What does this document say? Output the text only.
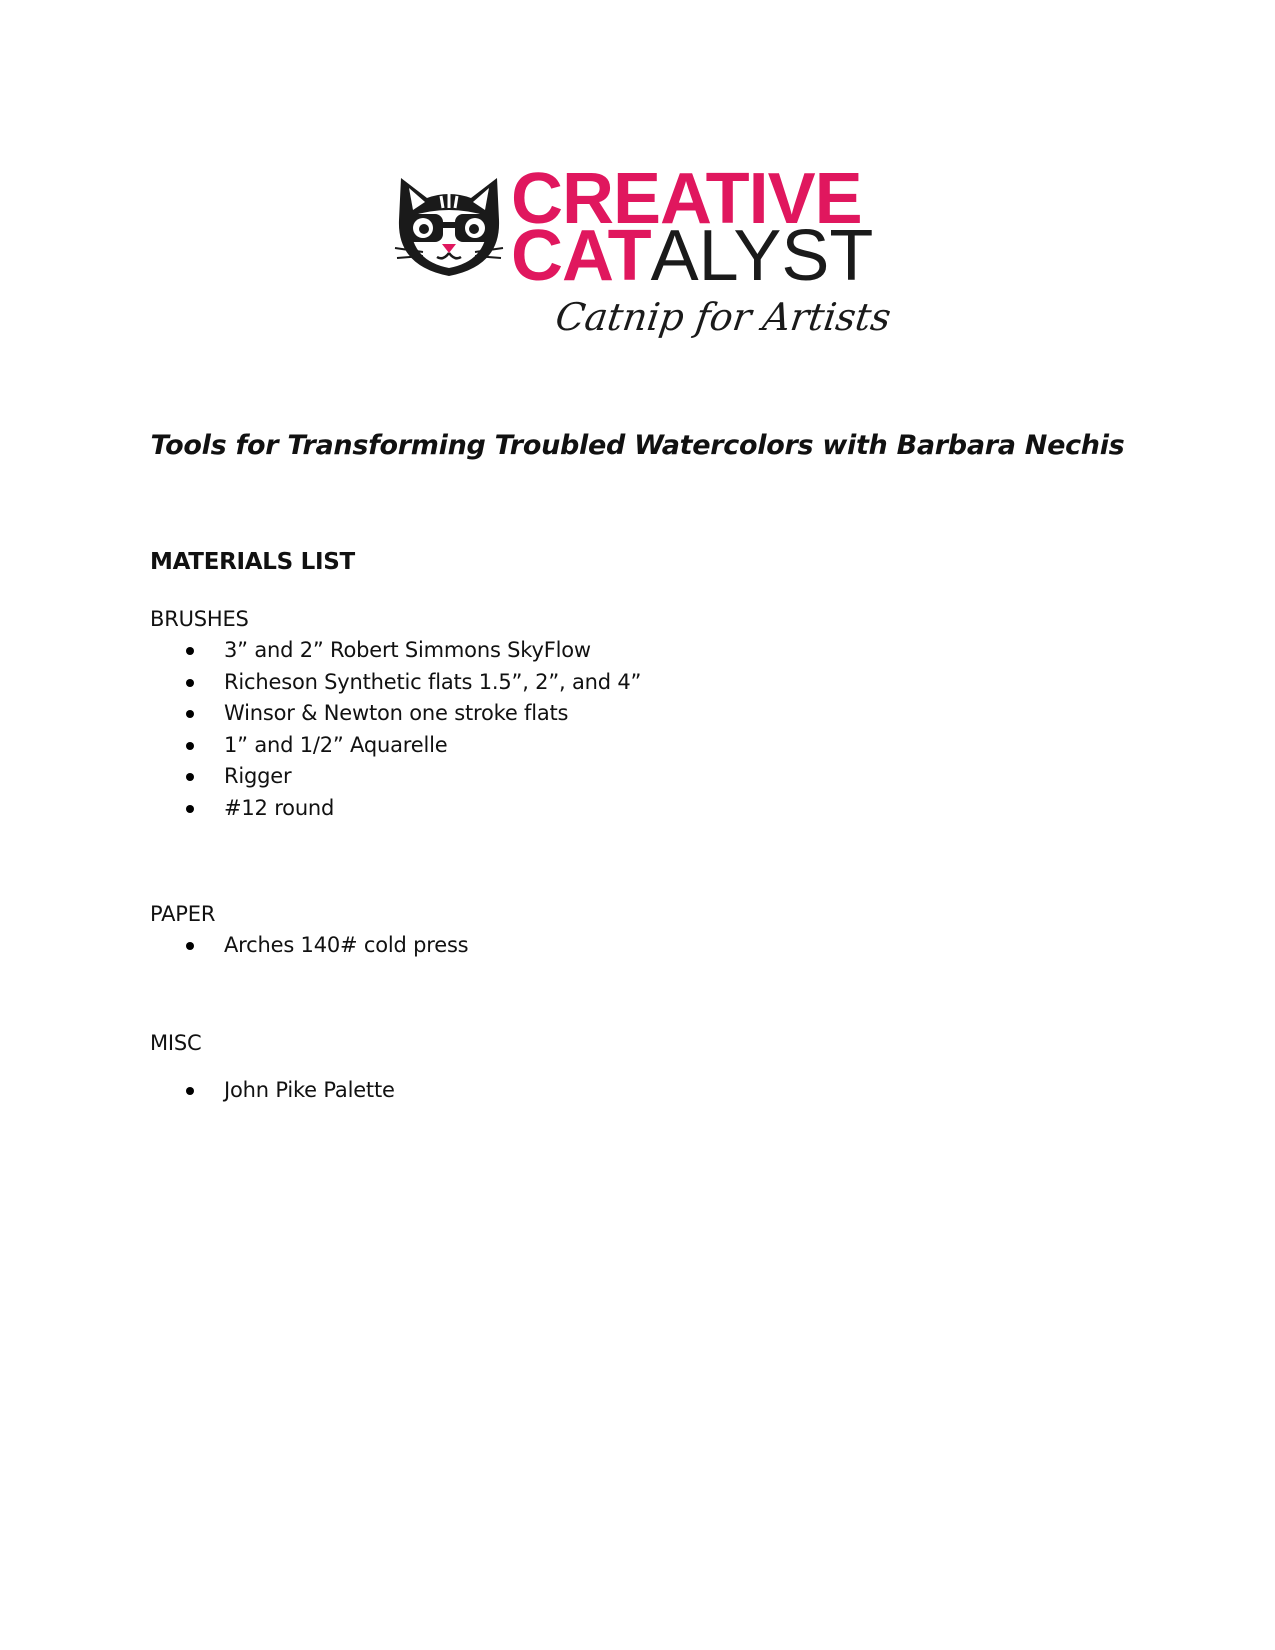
CREATIVE
CATALYST
Catnip for Artists
Tools for Transforming Troubled Watercolors with Barbara Nechis
MATERIALS LIST
BRUSHES
3” and 2” Robert Simmons SkyFlow
Richeson Synthetic flats 1.5”, 2”, and 4”
Winsor & Newton one stroke flats
1” and 1/2” Aquarelle
Rigger
#12 round
PAPER
Arches 140# cold press
MISC
John Pike Palette
